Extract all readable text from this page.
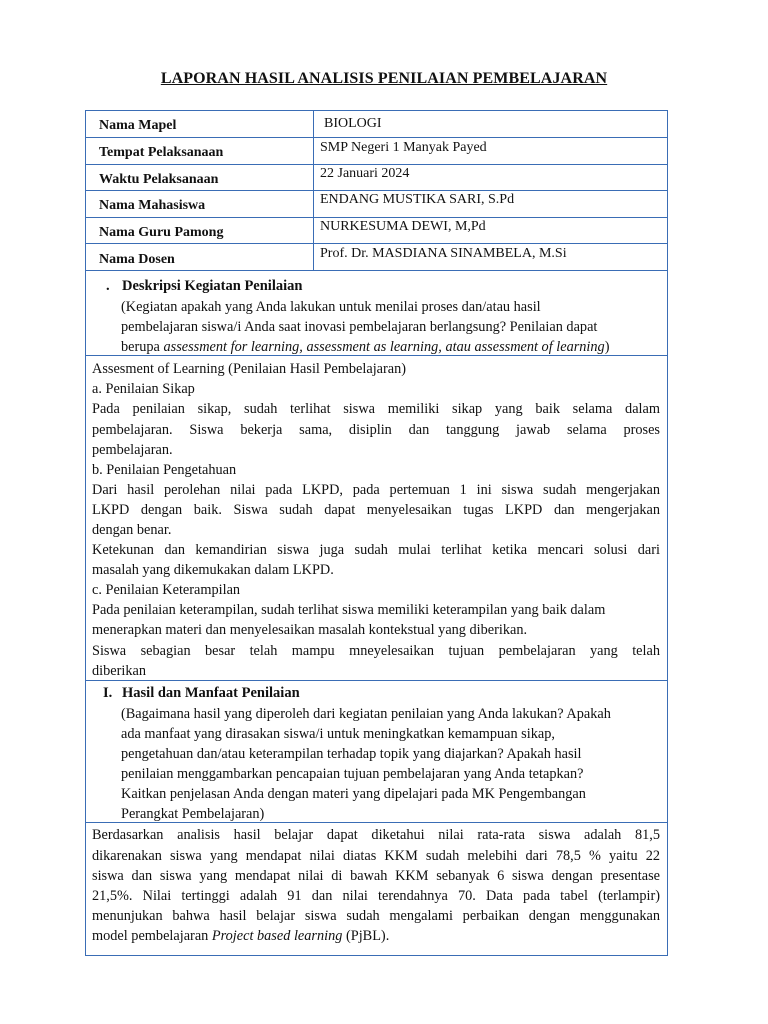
LAPORAN HASIL ANALISIS PENILAIAN PEMBELAJARAN
Nama Mapel	BIOLOGI
Tempat Pelaksanaan	SMP Negeri 1 Manyak Payed
Waktu Pelaksanaan	22 Januari 2024
Nama Mahasiswa	ENDANG MUSTIKA SARI, S.Pd
Nama Guru Pamong	NURKESUMA DEWI, M,Pd
Nama Dosen	Prof. Dr. MASDIANA SINAMBELA, M.Si
. Deskripsi Kegiatan Penilaian
(Kegiatan apakah yang Anda lakukan untuk menilai proses dan/atau hasil
pembelajaran siswa/i Anda saat inovasi pembelajaran berlangsung? Penilaian dapat
berupa assessment for learning, assessment as learning, atau assessment of learning)
Assesment of Learning (Penilaian Hasil Pembelajaran)
a. Penilaian Sikap
Pada penilaian sikap, sudah terlihat siswa memiliki sikap yang baik selama dalam
pembelajaran. Siswa bekerja sama, disiplin dan tanggung jawab selama proses
pembelajaran.
b. Penilaian Pengetahuan
Dari hasil perolehan nilai pada LKPD, pada pertemuan 1 ini siswa sudah mengerjakan
LKPD dengan baik. Siswa sudah dapat menyelesaikan tugas LKPD dan mengerjakan
dengan benar.
Ketekunan dan kemandirian siswa juga sudah mulai terlihat ketika mencari solusi dari
masalah yang dikemukakan dalam LKPD.
c. Penilaian Keterampilan
Pada penilaian keterampilan, sudah terlihat siswa memiliki keterampilan yang baik dalam
menerapkan materi dan menyelesaikan masalah kontekstual yang diberikan.
Siswa sebagian besar telah mampu mneyelesaikan tujuan pembelajaran yang telah
diberikan
I. Hasil dan Manfaat Penilaian
(Bagaimana hasil yang diperoleh dari kegiatan penilaian yang Anda lakukan? Apakah
ada manfaat yang dirasakan siswa/i untuk meningkatkan kemampuan sikap,
pengetahuan dan/atau keterampilan terhadap topik yang diajarkan? Apakah hasil
penilaian menggambarkan pencapaian tujuan pembelajaran yang Anda tetapkan?
Kaitkan penjelasan Anda dengan materi yang dipelajari pada MK Pengembangan
Perangkat Pembelajaran)
Berdasarkan analisis hasil belajar dapat diketahui nilai rata-rata siswa adalah 81,5
dikarenakan siswa yang mendapat nilai diatas KKM sudah melebihi dari 78,5 % yaitu 22
siswa dan siswa yang mendapat nilai di bawah KKM sebanyak 6 siswa dengan presentase
21,5%. Nilai tertinggi adalah 91 dan nilai terendahnya 70. Data pada tabel (terlampir)
menunjukan bahwa hasil belajar siswa sudah mengalami perbaikan dengan menggunakan
model pembelajaran Project based learning (PjBL).
